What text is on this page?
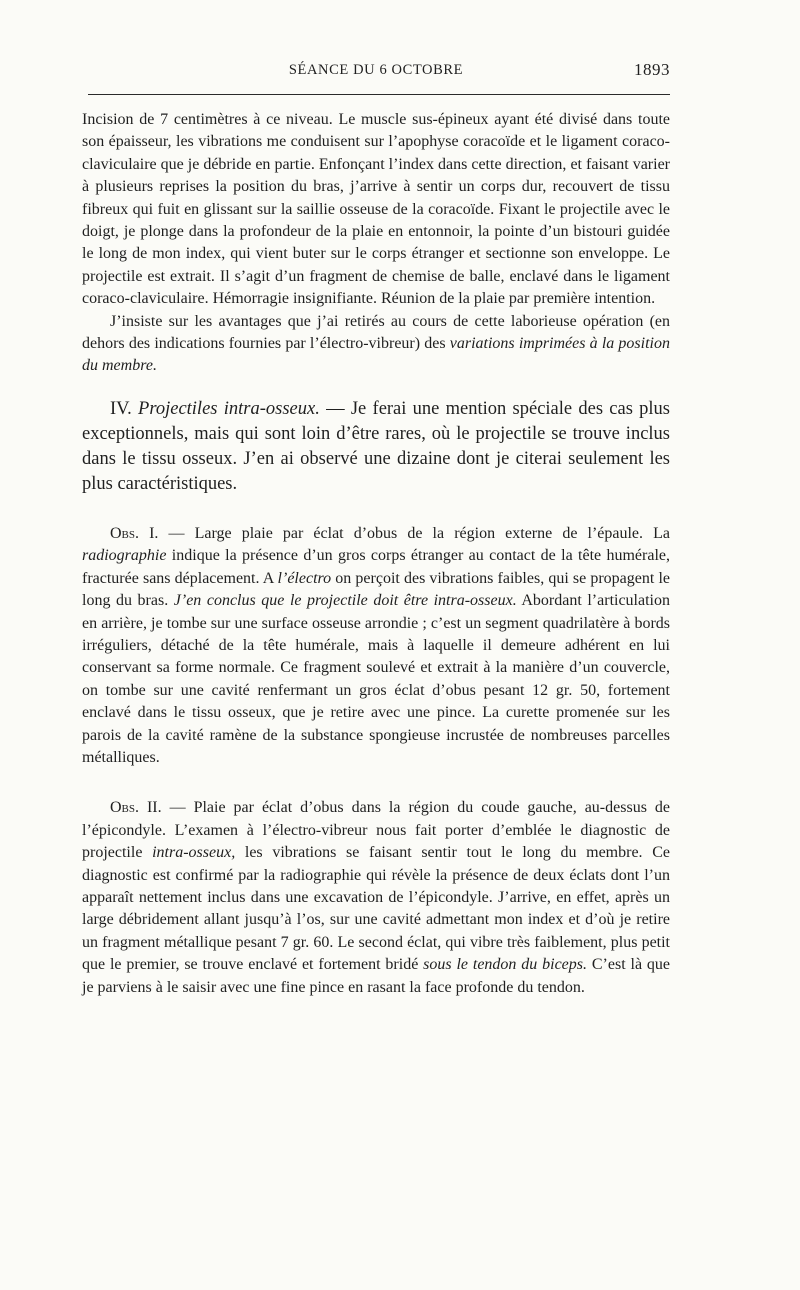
SÉANCE DU 6 OCTOBRE	1893

Incision de 7 centimètres à ce niveau. Le muscle sus-épineux ayant été divisé dans toute son épaisseur, les vibrations me conduisent sur l’apophyse coracoïde et le ligament coraco-claviculaire que je débride en partie. Enfonçant l’index dans cette direction, et faisant varier à plusieurs reprises la position du bras, j’arrive à sentir un corps dur, recouvert de tissu fibreux qui fuit en glissant sur la saillie osseuse de la coracoïde. Fixant le projectile avec le doigt, je plonge dans la profondeur de la plaie en entonnoir, la pointe d’un bistouri guidée le long de mon index, qui vient buter sur le corps étranger et sectionne son enveloppe. Le projectile est extrait. Il s’agit d’un fragment de chemise de balle, enclavé dans le ligament coraco-claviculaire. Hémorragie insignifiante. Réunion de la plaie par première intention.

J’insiste sur les avantages que j’ai retirés au cours de cette laborieuse opération (en dehors des indications fournies par l’électro-vibreur) des variations imprimées à la position du membre.

IV. Projectiles intra-osseux. — Je ferai une mention spéciale des cas plus exceptionnels, mais qui sont loin d’être rares, où le projectile se trouve inclus dans le tissu osseux. J’en ai observé une dizaine dont je citerai seulement les plus caractéristiques.

Obs. I. — Large plaie par éclat d’obus de la région externe de l’épaule. La radiographie indique la présence d’un gros corps étranger au contact de la tête humérale, fracturée sans déplacement. A l’électro on perçoit des vibrations faibles, qui se propagent le long du bras. J’en conclus que le projectile doit être intra-osseux. Abordant l’articulation en arrière, je tombe sur une surface osseuse arrondie ; c’est un segment quadrilatère à bords irréguliers, détaché de la tête humérale, mais à laquelle il demeure adhérent en lui conservant sa forme normale. Ce fragment soulevé et extrait à la manière d’un couvercle, on tombe sur une cavité renfermant un gros éclat d’obus pesant 12 gr. 50, fortement enclavé dans le tissu osseux, que je retire avec une pince. La curette promenée sur les parois de la cavité ramène de la substance spongieuse incrustée de nombreuses parcelles métalliques.

Obs. II. — Plaie par éclat d’obus dans la région du coude gauche, au-dessus de l’épicondyle. L’examen à l’électro-vibreur nous fait porter d’emblée le diagnostic de projectile intra-osseux, les vibrations se faisant sentir tout le long du membre. Ce diagnostic est confirmé par la radiographie qui révèle la présence de deux éclats dont l’un apparaît nettement inclus dans une excavation de l’épicondyle. J’arrive, en effet, après un large débridement allant jusqu’à l’os, sur une cavité admettant mon index et d’où je retire un fragment métallique pesant 7 gr. 60. Le second éclat, qui vibre très faiblement, plus petit que le premier, se trouve enclavé et fortement bridé sous le tendon du biceps. C’est là que je parviens à le saisir avec une fine pince en rasant la face profonde du tendon.
